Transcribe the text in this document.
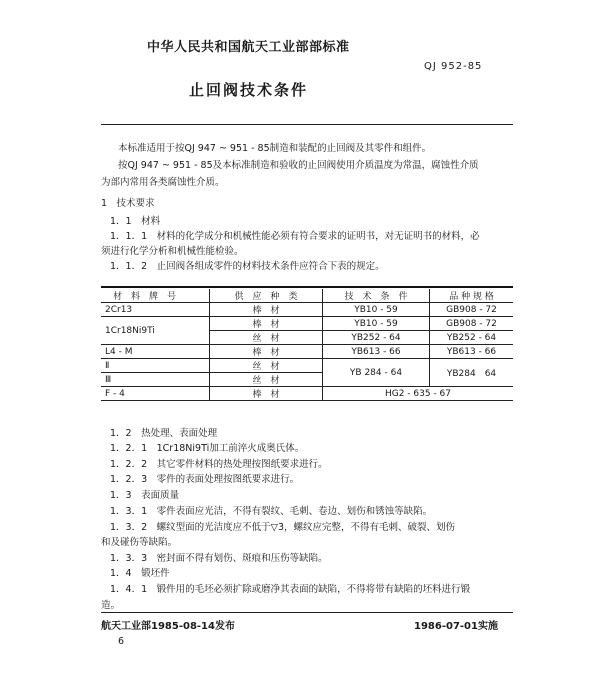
中华人民共和国航天工业部部标准
QJ 952-85
止回阀技术条件
本标准适用于按QJ 947 ~ 951 - 85制造和装配的止回阀及其零件和组件。
按QJ 947 ~ 951 - 85及本标准制造和验收的止回阀使用介质温度为常温，腐蚀性介质
为部内常用各类腐蚀性介质。
1　技术要求
1．1　材料
1．1．1　材料的化学成分和机械性能必须有符合要求的证明书，对无证明书的材料，必
须进行化学分析和机械性能检验。
1．1．2　止回阀各组成零件的材料技术条件应符合下表的规定。
材　料　牌　号	供　应　种　类	技　术　条　件	品 种 规 格
2Cr13	棒　材	YB10 - 59	GB908 - 72
1Cr18Ni9Ti	棒　材	YB10 - 59	GB908 - 72
	丝　材	YB252 - 64	YB252 - 64
L4 - M	棒　材	YB613 - 66	YB613 - 66
Ⅱ	丝　材	YB 284 - 64	YB284　64
Ⅲ	丝　材		
F - 4	棒　材	HG2 - 635 - 67	
1．2　热处理、表面处理
1．2．1　1Cr18Ni9Ti加工前淬火成奥氏体。
1．2．2　其它零件材料的热处理按图纸要求进行。
1．2．3　零件的表面处理按图纸要求进行。
1．3　表面质量
1．3．1　零件表面应光洁，不得有裂纹、毛刺、卷边、划伤和锈蚀等缺陷。
1．3．2　螺纹型面的光洁度应不低于▽3，螺纹应完整，不得有毛刺、破裂、划伤
和及碰伤等缺陷。
1．3．3　密封面不得有划伤、斑痕和压伤等缺陷。
1．4　锻坯件
1．4．1　锻件用的毛坯必须扩除或磨净其表面的缺陷，不得将带有缺陷的坯料进行锻
造。
航天工业部1985-08-14发布	1986-07-01实施
6
